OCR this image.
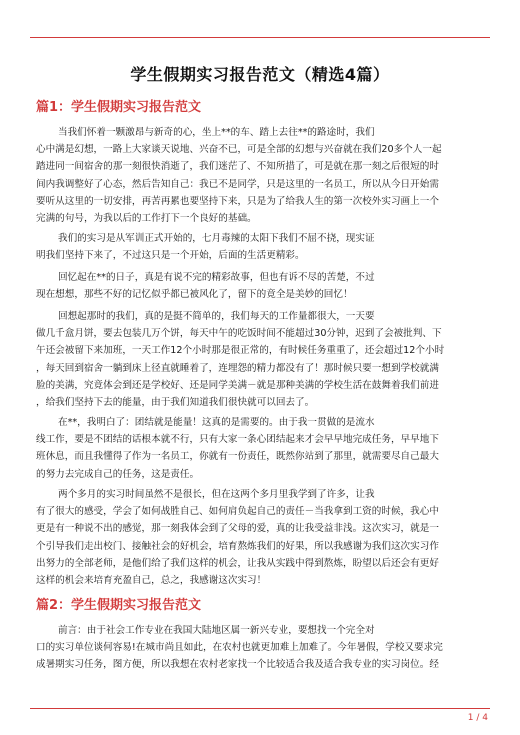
学生假期实习报告范文（精选4篇）
篇1：学生假期实习报告范文
当我们怀着一颗激昂与新奇的心，坐上**的车、踏上去往**的路途时，我们
心中满是幻想，一路上大家谈天说地、兴奋不已，可是全部的幻想与兴奋就在我们20多个人一起
踏进同一间宿舍的那一刻很快消逝了，我们迷茫了、不知所措了，可是就在那一刻之后很短的时
间内我调整好了心态，然后告知自己：我已不是同学，只是这里的一名员工，所以从今日开始需
要听从这里的一切安排，再苦再累也要坚持下来，只是为了给我人生的第一次校外实习画上一个
完满的句号，为我以后的工作打下一个良好的基础。
我们的实习是从军训正式开始的，七月毒辣的太阳下我们不屈不挠，现实证
明我们坚持下来了，不过这只是一个开始，后面的生活更精彩。
回忆起在**的日子，真是有说不完的精彩故事，但也有诉不尽的苦楚，不过
现在想想，那些不好的记忆似乎都已被风化了，留下的竟全是美妙的回忆！
回想起那时的我们，真的是挺不简单的，我们每天的工作量都很大，一天要
做几千盒月饼，要去包装几万个饼，每天中午的吃饭时间不能超过30分钟，迟到了会被批判、下
午还会被留下来加班，一天工作12个小时那是很正常的，有时候任务重重了，还会超过12个小时
，每天回到宿舍一躺到床上径直就睡着了，连埋怨的精力都没有了！那时候只要一想到学校就满
脸的美满，究竟体会到还是学校好、还是同学美满－就是那种美满的学校生活在鼓舞着我们前进
，给我们坚持下去的能量，由于我们知道我们很快就可以回去了。
在**，我明白了：团结就是能量！这真的是需要的。由于我一贯做的是流水
线工作，要是不团结的话根本就不行，只有大家一条心团结起来才会早早地完成任务，早早地下
班休息，而且我懂得了作为一名员工，你就有一份责任，既然你站到了那里，就需要尽自己最大
的努力去完成自己的任务，这是责任。
两个多月的实习时间虽然不是很长，但在这两个多月里我学到了许多，让我
有了很大的感受，学会了如何战胜自己、如何肩负起自己的责任－当我拿到工资的时候，我心中
更是有一种说不出的感觉，那一刻我体会到了父母的爱，真的让我受益非浅。这次实习，就是一
个引导我们走出校门、接触社会的好机会，培育熬炼我们的好果，所以我感谢为我们这次实习作
出努力的全部老师，是他们给了我们这样的机会，让我从实践中得到熬炼，盼望以后还会有更好
这样的机会来培育充盈自己，总之，我感谢这次实习！
篇2：学生假期实习报告范文
前言：由于社会工作专业在我国大陆地区属一新兴专业，要想找一个完全对
口的实习单位谈何容易!在城市尚且如此，在农村也就更加难上加难了。今年暑假，学校又要求完
成暑期实习任务，图方便，所以我想在农村老家找一个比较适合我及适合我专业的实习岗位。经
1 / 4
